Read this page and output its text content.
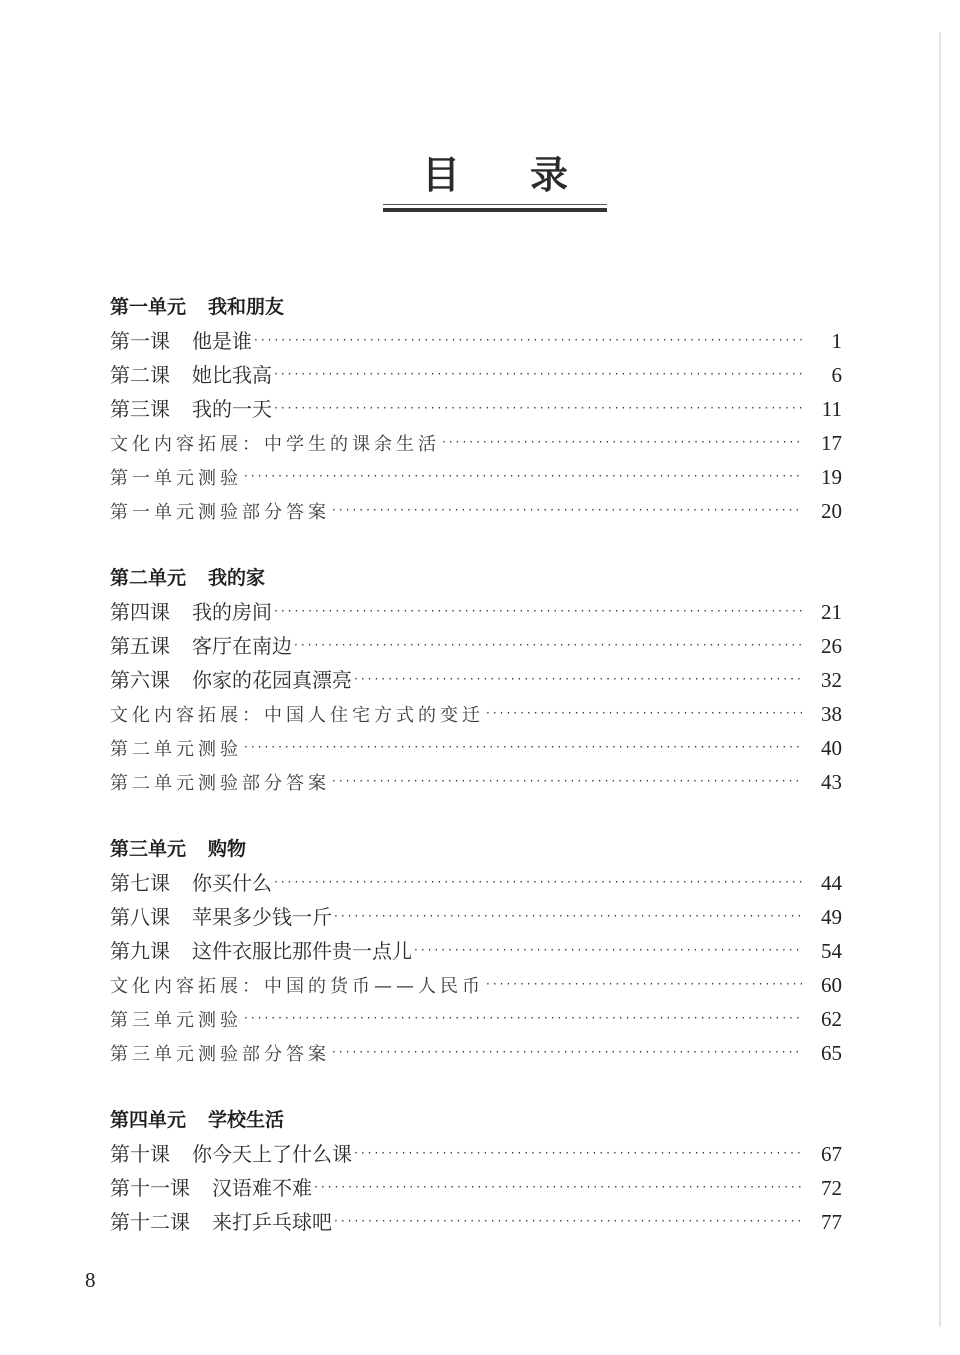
目 录
第一单元 我和朋友
第一课 他是谁 ·····	1
第二课 她比我高 ·····	6
第三课 我的一天 ·····	11
文化内容拓展：中学生的课余生活 ·····	17
第一单元测验 ·····	19
第一单元测验部分答案 ·····	20
第二单元 我的家
第四课 我的房间 ·····	21
第五课 客厅在南边 ·····	26
第六课 你家的花园真漂亮 ·····	32
文化内容拓展：中国人住宅方式的变迁 ·····	38
第二单元测验 ·····	40
第二单元测验部分答案 ·····	43
第三单元 购物
第七课 你买什么 ·····	44
第八课 苹果多少钱一斤 ·····	49
第九课 这件衣服比那件贵一点儿 ·····	54
文化内容拓展：中国的货币——人民币 ·····	60
第三单元测验 ·····	62
第三单元测验部分答案 ·····	65
第四单元 学校生活
第十课 你今天上了什么课 ·····	67
第十一课 汉语难不难 ·····	72
第十二课 来打乒乓球吧 ·····	77
8
